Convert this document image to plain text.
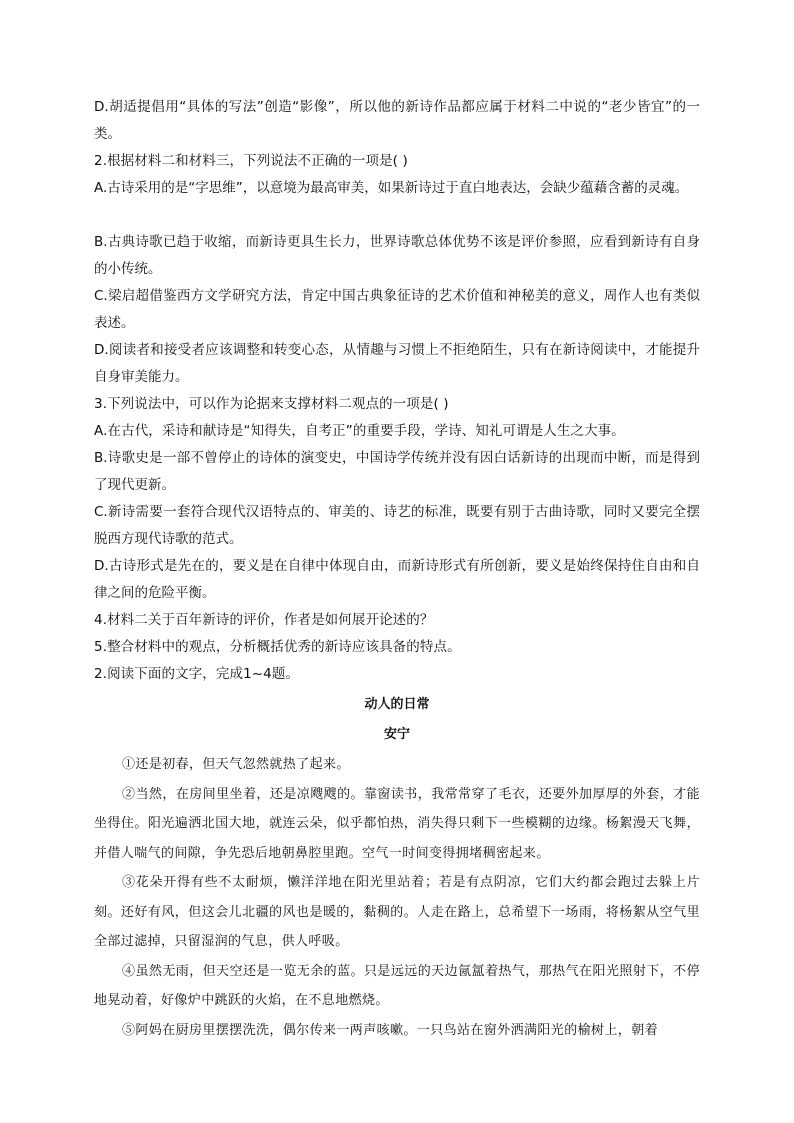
D.胡适提倡用“具体的写法”创造“影像”，所以他的新诗作品都应属于材料二中说的“老少皆宜”的一类。
2.根据材料二和材料三，下列说法不正确的一项是( )
A.古诗采用的是“字思维”，以意境为最高审美，如果新诗过于直白地表达，会缺少蕴藉含蓄的灵魂。
B.古典诗歌已趋于收缩，而新诗更具生长力，世界诗歌总体优势不该是评价参照，应看到新诗有自身的小传统。
C.梁启超借鉴西方文学研究方法，肯定中国古典象征诗的艺术价值和神秘美的意义，周作人也有类似表述。
D.阅读者和接受者应该调整和转变心态，从情趣与习惯上不拒绝陌生，只有在新诗阅读中，才能提升自身审美能力。
3.下列说法中，可以作为论据来支撑材料二观点的一项是( )
A.在古代，采诗和献诗是“知得失，自考正”的重要手段，学诗、知礼可谓是人生之大事。
B.诗歌史是一部不曾停止的诗体的演变史，中国诗学传统并没有因白话新诗的出现而中断，而是得到了现代更新。
C.新诗需要一套符合现代汉语特点的、审美的、诗艺的标准，既要有别于古曲诗歌，同时又要完全摆脱西方现代诗歌的范式。
D.古诗形式是先在的，要义是在自律中体现自由，而新诗形式有所创新，要义是始终保持住自由和自律之间的危险平衡。
4.材料二关于百年新诗的评价，作者是如何展开论述的？
5.整合材料中的观点，分析概括优秀的新诗应该具备的特点。
2.阅读下面的文字，完成1~4题。
动人的日常
安宁
①还是初春，但天气忽然就热了起来。
②当然，在房间里坐着，还是凉飕飕的。靠窗读书，我常常穿了毛衣，还要外加厚厚的外套，才能坐得住。阳光遍洒北国大地，就连云朵，似乎都怕热，消失得只剩下一些模糊的边缘。杨絮漫天飞舞，并借人喘气的间隙，争先恐后地朝鼻腔里跑。空气一时间变得拥堵稠密起来。
③花朵开得有些不太耐烦，懒洋洋地在阳光里站着；若是有点阴凉，它们大约都会跑过去躲上片刻。还好有风，但这会儿北疆的风也是暖的，黏稠的。人走在路上，总希望下一场雨，将杨絮从空气里全部过滤掉，只留湿润的气息，供人呼吸。
④虽然无雨，但天空还是一览无余的蓝。只是远远的天边氤氲着热气，那热气在阳光照射下，不停地晃动着，好像炉中跳跃的火焰，在不息地燃烧。
⑤阿妈在厨房里摆摆洗洗，偶尔传来一两声咳嗽。一只鸟站在窗外洒满阳光的榆树上，朝着
